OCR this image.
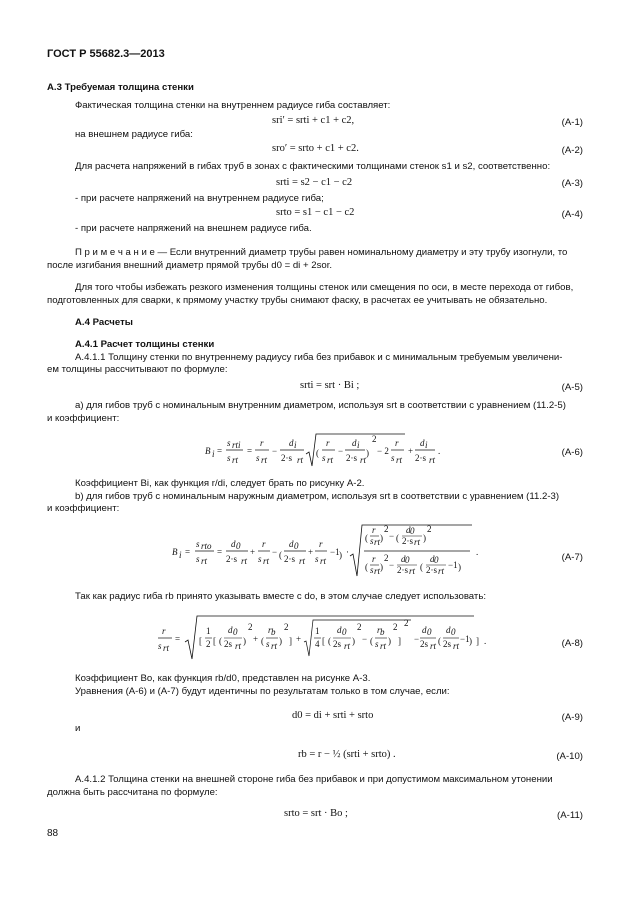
ГОСТ Р 55682.3—2013
А.3 Требуемая толщина стенки
Фактическая толщина стенки на внутреннем радиусе гиба составляет:
sri′ = srti + c1 + c2,	(А-1)
на внешнем радиусе гиба:
sro′ = srto + c1 + c2.	(А-2)
Для расчета напряжений в гибах труб в зонах с фактическими толщинами стенок s1 и s2, соответственно:
srti = s2 − c1 − c2	(А-3)
- при расчете напряжений на внутреннем радиусе гиба;
srto = s1 − c1 − c2	(А-4)
- при расчете напряжений на внешнем радиусе гиба.
П р и м е ч а н и е — Если внутренний диаметр трубы равен номинальному диаметру и эту трубу изогнули, то
после изгибания внешний диаметр прямой трубы d0 = di + 2sor.
Для того чтобы избежать резкого изменения толщины стенок или смещения по оси, в месте перехода от гибов,
подготовленных для сварки, к прямому участку трубы снимают фаску, в расчетах ее учитывать не обязательно.
А.4 Расчеты
А.4.1 Расчет толщины стенки
А.4.1.1 Толщину стенки по внутреннему радиусу гиба без прибавок и с минимальным требуемым увеличени-
ем толщины рассчитывают по формуле:
srti = srt · Bi ;	(А-5)
а) для гибов труб с номинальным внутренним диаметром, используя srt в соответствии с уравнением (11.2-5)
и коэффициент:
B i =
s rti
s rt
=
r
s rt
−
d i
2·s rt
(
r
s rt
−
d i
2·s rt
)
2
− 2
r
s rt
+
d i
2·s rt
.	(А-6)
Коэффициент Bi, как функция r/di, следует брать по рисунку А-2.
b) для гибов труб с номинальным наружным диаметром, используя srt в соответствии с уравнением (11.2-3)
и коэффициент:
B i =
s rto
s rt
=
d 0
2·s rt
+
r
s rt
− (
d 0
2·s rt
+
r
s rt
−1 ) ·
(
r
s rt )
2
− (
d 0
2·s rt )
2
(
r
s rt )
2
−
d 0
2·s rt (
d 0
2·s rt
−1 )
.	(А-7)
Так как радиус гиба rb принято указывать вместе с do, в этом случае следует использовать:
r
s rt
= [
1
2 [ (
d 0
2s rt )
2
+ (
r b
s rt )
2
] +
1
4 [ (
d 0
2s rt )
2
− (
r b
s rt )
2
]
2
−
d 0
2s rt (
d 0
2s rt
−1 ) ] .	(А-8)
Коэффициент Bo, как функция rb/d0, представлен на рисунке А-3.
Уравнения (А-6) и (А-7) будут идентичны по результатам только в том случае, если:
d0 = di + srti + srto	(А-9)
и
rb = r − ½ (srti + srto) .	(А-10)
А.4.1.2 Толщина стенки на внешней стороне гиба без прибавок и при допустимом максимальном утонении
должна быть рассчитана по формуле:
srto = srt · Bo ;	(А-11)
88
